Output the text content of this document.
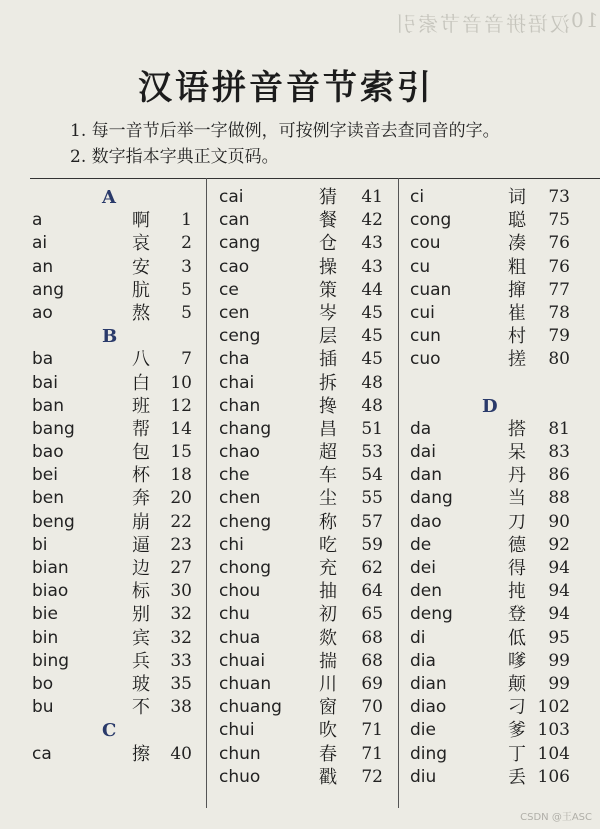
汉语拼音音节索引
10
汉语拼音音节索引
1. 每一音节后举一字做例，可按例字读音去查同音的字。
2. 数字指本字典正文页码。
A
a	啊 1
ai	哀 2
an	安 3
ang	肮 5
ao	熬 5
B
ba	八 7
bai	白 10
ban	班 12
bang	帮 14
bao	包 15
bei	杯 18
ben	奔 20
beng	崩 22
bi	逼 23
bian	边 27
biao	标 30
bie	别 32
bin	宾 32
bing	兵 33
bo	玻 35
bu	不 38
C
ca	擦 40
cai	猜 41
can	餐 42
cang	仓 43
cao	操 43
ce	策 44
cen	岑 45
ceng	层 45
cha	插 45
chai	拆 48
chan	搀 48
chang	昌 51
chao	超 53
che	车 54
chen	尘 55
cheng	称 57
chi	吃 59
chong	充 62
chou	抽 64
chu	初 65
chua	欻 68
chuai	揣 68
chuan	川 69
chuang 窗 70
chui	吹 71
chun	春 71
chuo	戳 72
ci	词 73
cong	聪 75
cou	凑 76
cu	粗 76
cuan	撺 77
cui	崔 78
cun	村 79
cuo	搓 80
D
da	搭 81
dai	呆 83
dan	丹 86
dang	当 88
dao	刀 90
de	德 92
dei	得 94
den	扽 94
deng	登 94
di	低 95
dia	嗲 99
dian	颠 99
diao	刁 102
die	爹 103
ding	丁 104
diu	丢 106
CSDN @王ASC
